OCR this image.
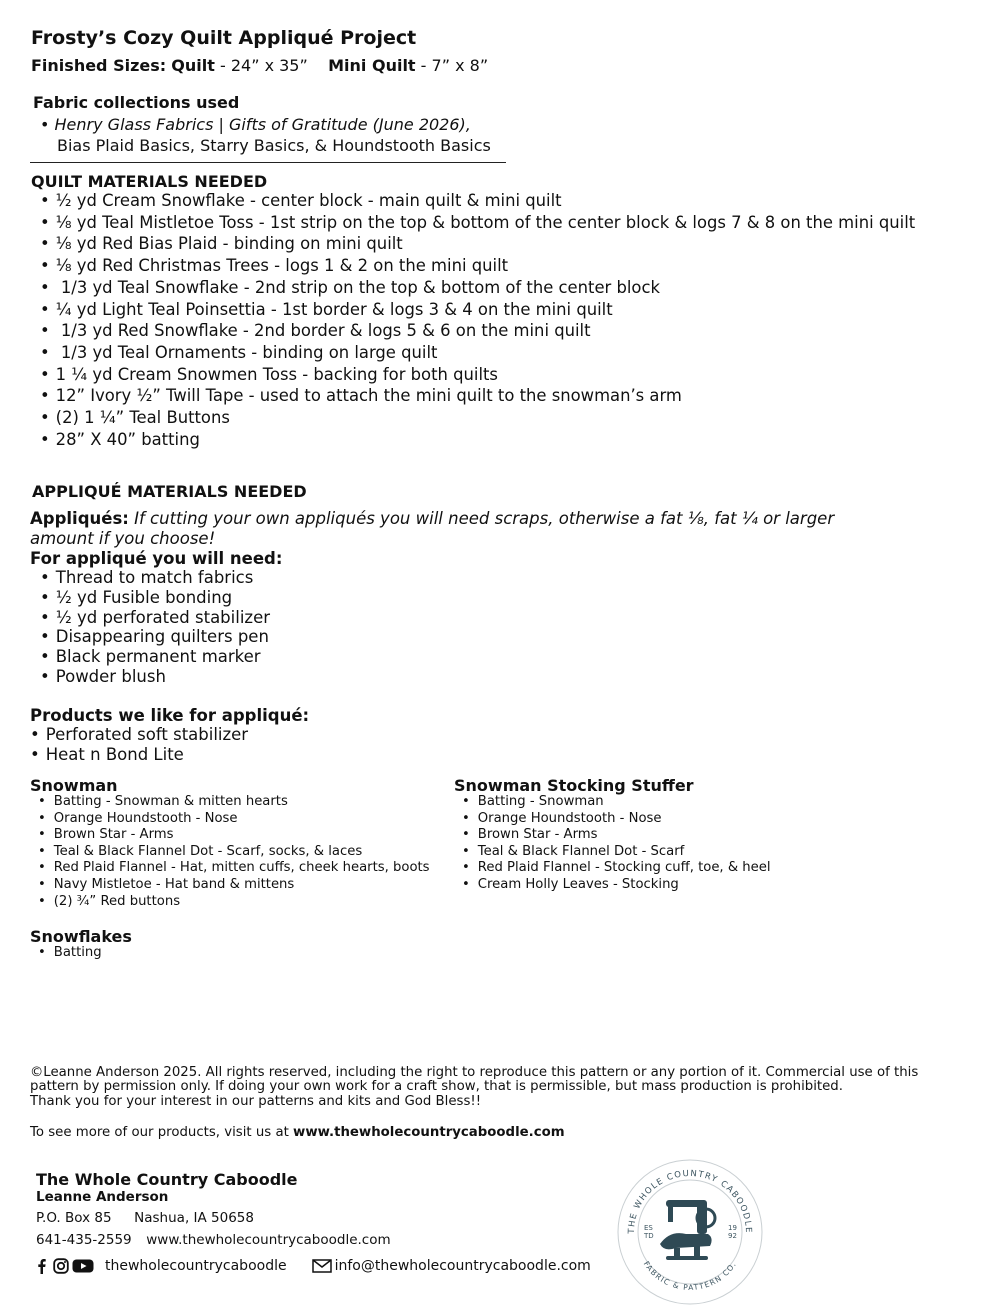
Frosty’s Cozy Quilt Appliqué Project
Finished Sizes: Quilt - 24” x 35” Mini Quilt - 7” x 8”
Fabric collections used
• Henry Glass Fabrics | Gifts of Gratitude (June 2026),
Bias Plaid Basics, Starry Basics, & Houndstooth Basics
QUILT MATERIALS NEEDED
• ½ yd Cream Snowflake - center block - main quilt & mini quilt
• ⅛ yd Teal Mistletoe Toss - 1st strip on the top & bottom of the center block & logs 7 & 8 on the mini quilt
• ⅛ yd Red Bias Plaid - binding on mini quilt
• ⅛ yd Red Christmas Trees - logs 1 & 2 on the mini quilt
• 1/3 yd Teal Snowflake - 2nd strip on the top & bottom of the center block
• ¼ yd Light Teal Poinsettia - 1st border & logs 3 & 4 on the mini quilt
• 1/3 yd Red Snowflake - 2nd border & logs 5 & 6 on the mini quilt
• 1/3 yd Teal Ornaments - binding on large quilt
• 1 ¼ yd Cream Snowmen Toss - backing for both quilts
• 12” Ivory ½” Twill Tape - used to attach the mini quilt to the snowman’s arm
• (2) 1 ¼” Teal Buttons
• 28” X 40” batting
APPLIQUÉ MATERIALS NEEDED
Appliqués: If cutting your own appliqués you will need scraps, otherwise a fat ⅛, fat ¼ or larger amount if you choose!
For appliqué you will need:
• Thread to match fabrics
• ½ yd Fusible bonding
• ½ yd perforated stabilizer
• Disappearing quilters pen
• Black permanent marker
• Powder blush
Products we like for appliqué:
• Perforated soft stabilizer
• Heat n Bond Lite
Snowman
• Batting - Snowman & mitten hearts
• Orange Houndstooth - Nose
• Brown Star - Arms
• Teal & Black Flannel Dot - Scarf, socks, & laces
• Red Plaid Flannel - Hat, mitten cuffs, cheek hearts, boots
• Navy Mistletoe - Hat band & mittens
• (2) ¾” Red buttons
Snowman Stocking Stuffer
• Batting - Snowman
• Orange Houndstooth - Nose
• Brown Star - Arms
• Teal & Black Flannel Dot - Scarf
• Red Plaid Flannel - Stocking cuff, toe, & heel
• Cream Holly Leaves - Stocking
Snowflakes
• Batting
©Leanne Anderson 2025. All rights reserved, including the right to reproduce this pattern or any portion of it. Commercial use of this
pattern by permission only. If doing your own work for a craft show, that is permissible, but mass production is prohibited.
Thank you for your interest in our patterns and kits and God Bless!!
To see more of our products, visit us at www.thewholecountrycaboodle.com
The Whole Country Caboodle
Leanne Anderson
P.O. Box 85 Nashua, IA 50658
641-435-2559 www.thewholecountrycaboodle.com
thewholecountrycaboodle	info@thewholecountrycaboodle.com
THE WHOLE COUNTRY CABOODLE
FABRIC & PATTERN CO.
ES
TD
19
92
